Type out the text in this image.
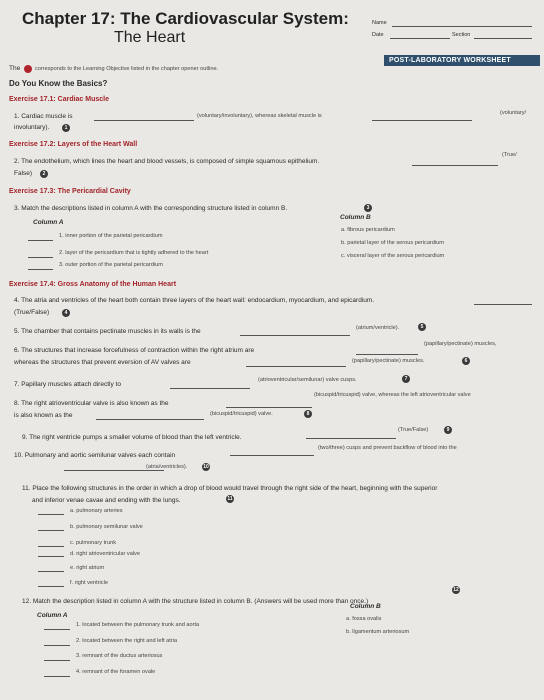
Chapter 17: The Cardiovascular System:
The Heart
Name
Date	Section
POST-LABORATORY WORKSHEET
The	corresponds to the Learning Objective listed in the chapter opener outline.
Do You Know the Basics?
Exercise 17.1: Cardiac Muscle
1. Cardiac muscle is	(voluntary/involuntary), whereas skeletal muscle is	(voluntary/
involuntary).	1
Exercise 17.2: Layers of the Heart Wall
2. The endothelium, which lines the heart and blood vessels, is composed of simple squamous epithelium.
(True/
False)	2
Exercise 17.3: The Pericardial Cavity
3. Match the descriptions listed in column A with the corresponding structure listed in column B.	3
Column A
Column B
1. inner portion of the parietal pericardium
2. layer of the pericardium that is tightly adhered to the heart
3. outer portion of the parietal pericardium
a. fibrous pericardium
b. parietal layer of the serous pericardium
c. visceral layer of the serous pericardium
Exercise 17.4: Gross Anatomy of the Human Heart
4. The atria and ventricles of the heart both contain three layers of the heart wall: endocardium, myocardium, and epicardium.
(True/False)	4
5. The chamber that contains pectinate muscles in its walls is the	(atrium/ventricle).	5
6. The structures that increase forcefulness of contraction within the right atrium are
(papillary/pectinate) muscles,
whereas the structures that prevent eversion of AV valves are	(papillary/pectinate) muscles.	6
7. Papillary muscles attach directly to
(atrioventricular/semilunar) valve cusps.	7
8. The right atrioventricular valve is also known as the
(bicuspid/tricuspid) valve, whereas the left atrioventricular valve
is also known as the	(bicuspid/tricuspid) valve.	8
9. The right ventricle pumps a smaller volume of blood than the left ventricle.
(True/False)	9
10. Pulmonary and aortic semilunar valves each contain
(two/three) cusps and prevent backflow of blood into the
(atria/ventricles).	10
11. Place the following structures in the order in which a drop of blood would travel through the right side of the heart, beginning with the superior
and inferior venae cavae and ending with the lungs.	11
a. pulmonary arteries
b. pulmonary semilunar valve
c. pulmonary trunk
d. right atrioventricular valve
e. right atrium
f. right ventricle
12. Match the description listed in column A with the structure listed in column B. (Answers will be used more than once.)
12
Column A
Column B
1. located between the pulmonary trunk and aorta
2. located between the right and left atria
3. remnant of the ductus arteriosus
4. remnant of the foramen ovale
a. fossa ovalis
b. ligamentum arteriosum
